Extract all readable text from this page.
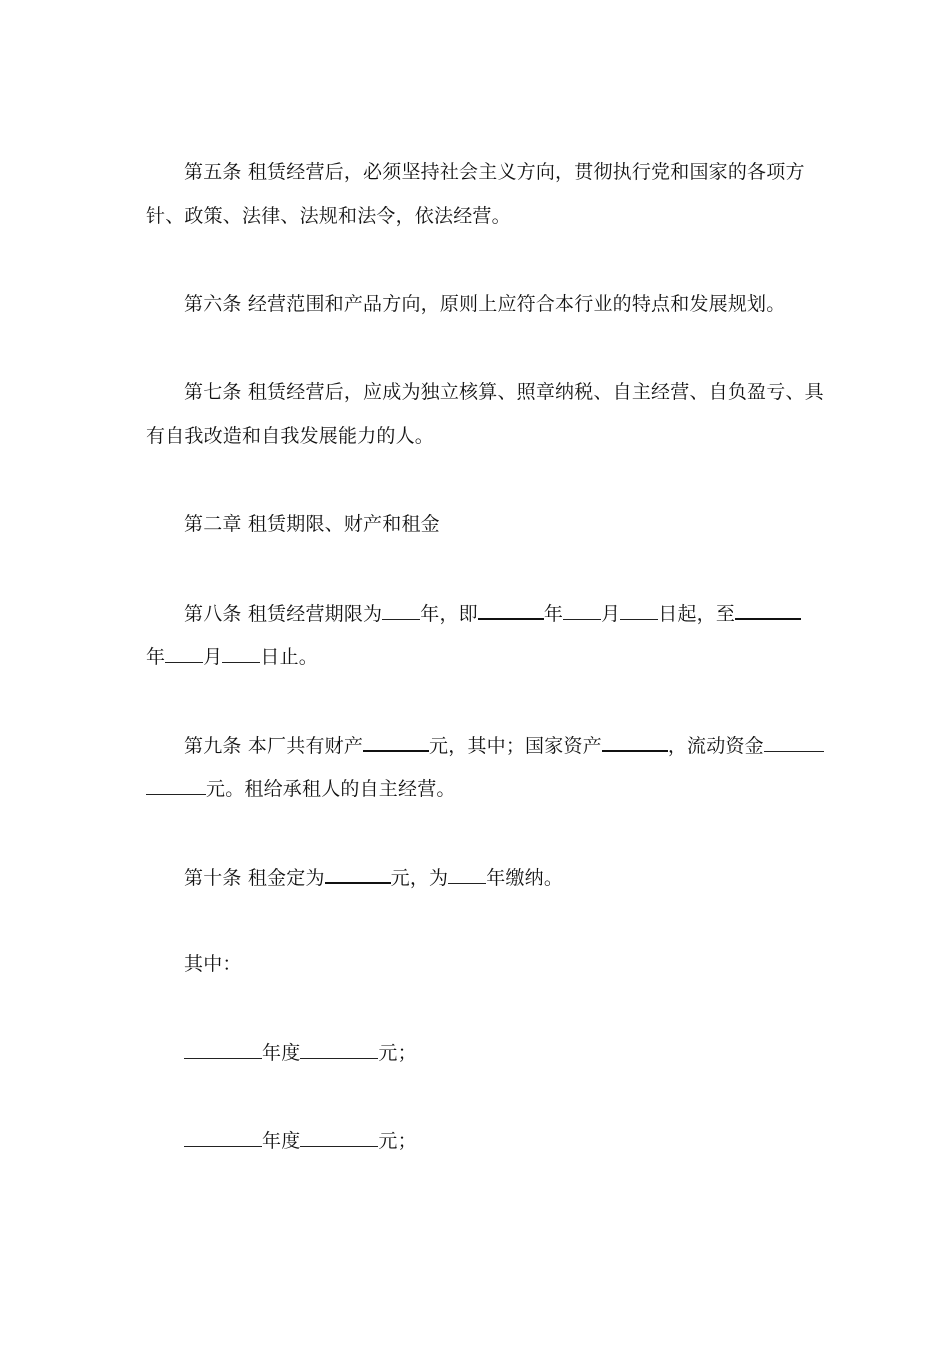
第五条 租赁经营后，必须坚持社会主义方向，贯彻执行党和国家的各项方
针、政策、法律、法规和法令，依法经营。
第六条 经营范围和产品方向，原则上应符合本行业的特点和发展规划。
第七条 租赁经营后，应成为独立核算、照章纳税、自主经营、自负盈亏、具
有自我改造和自我发展能力的人。
第二章 租赁期限、财产和租金
第八条 租赁经营期限为 年，即	年 月 日起，至
年 月 日止。
第九条 本厂共有财产	元，其中；国家资产	，流动资金
元。租给承租人的自主经营。
第十条 租金定为	元，为 年缴纳。
其中：
年度	元；
年度	元；
